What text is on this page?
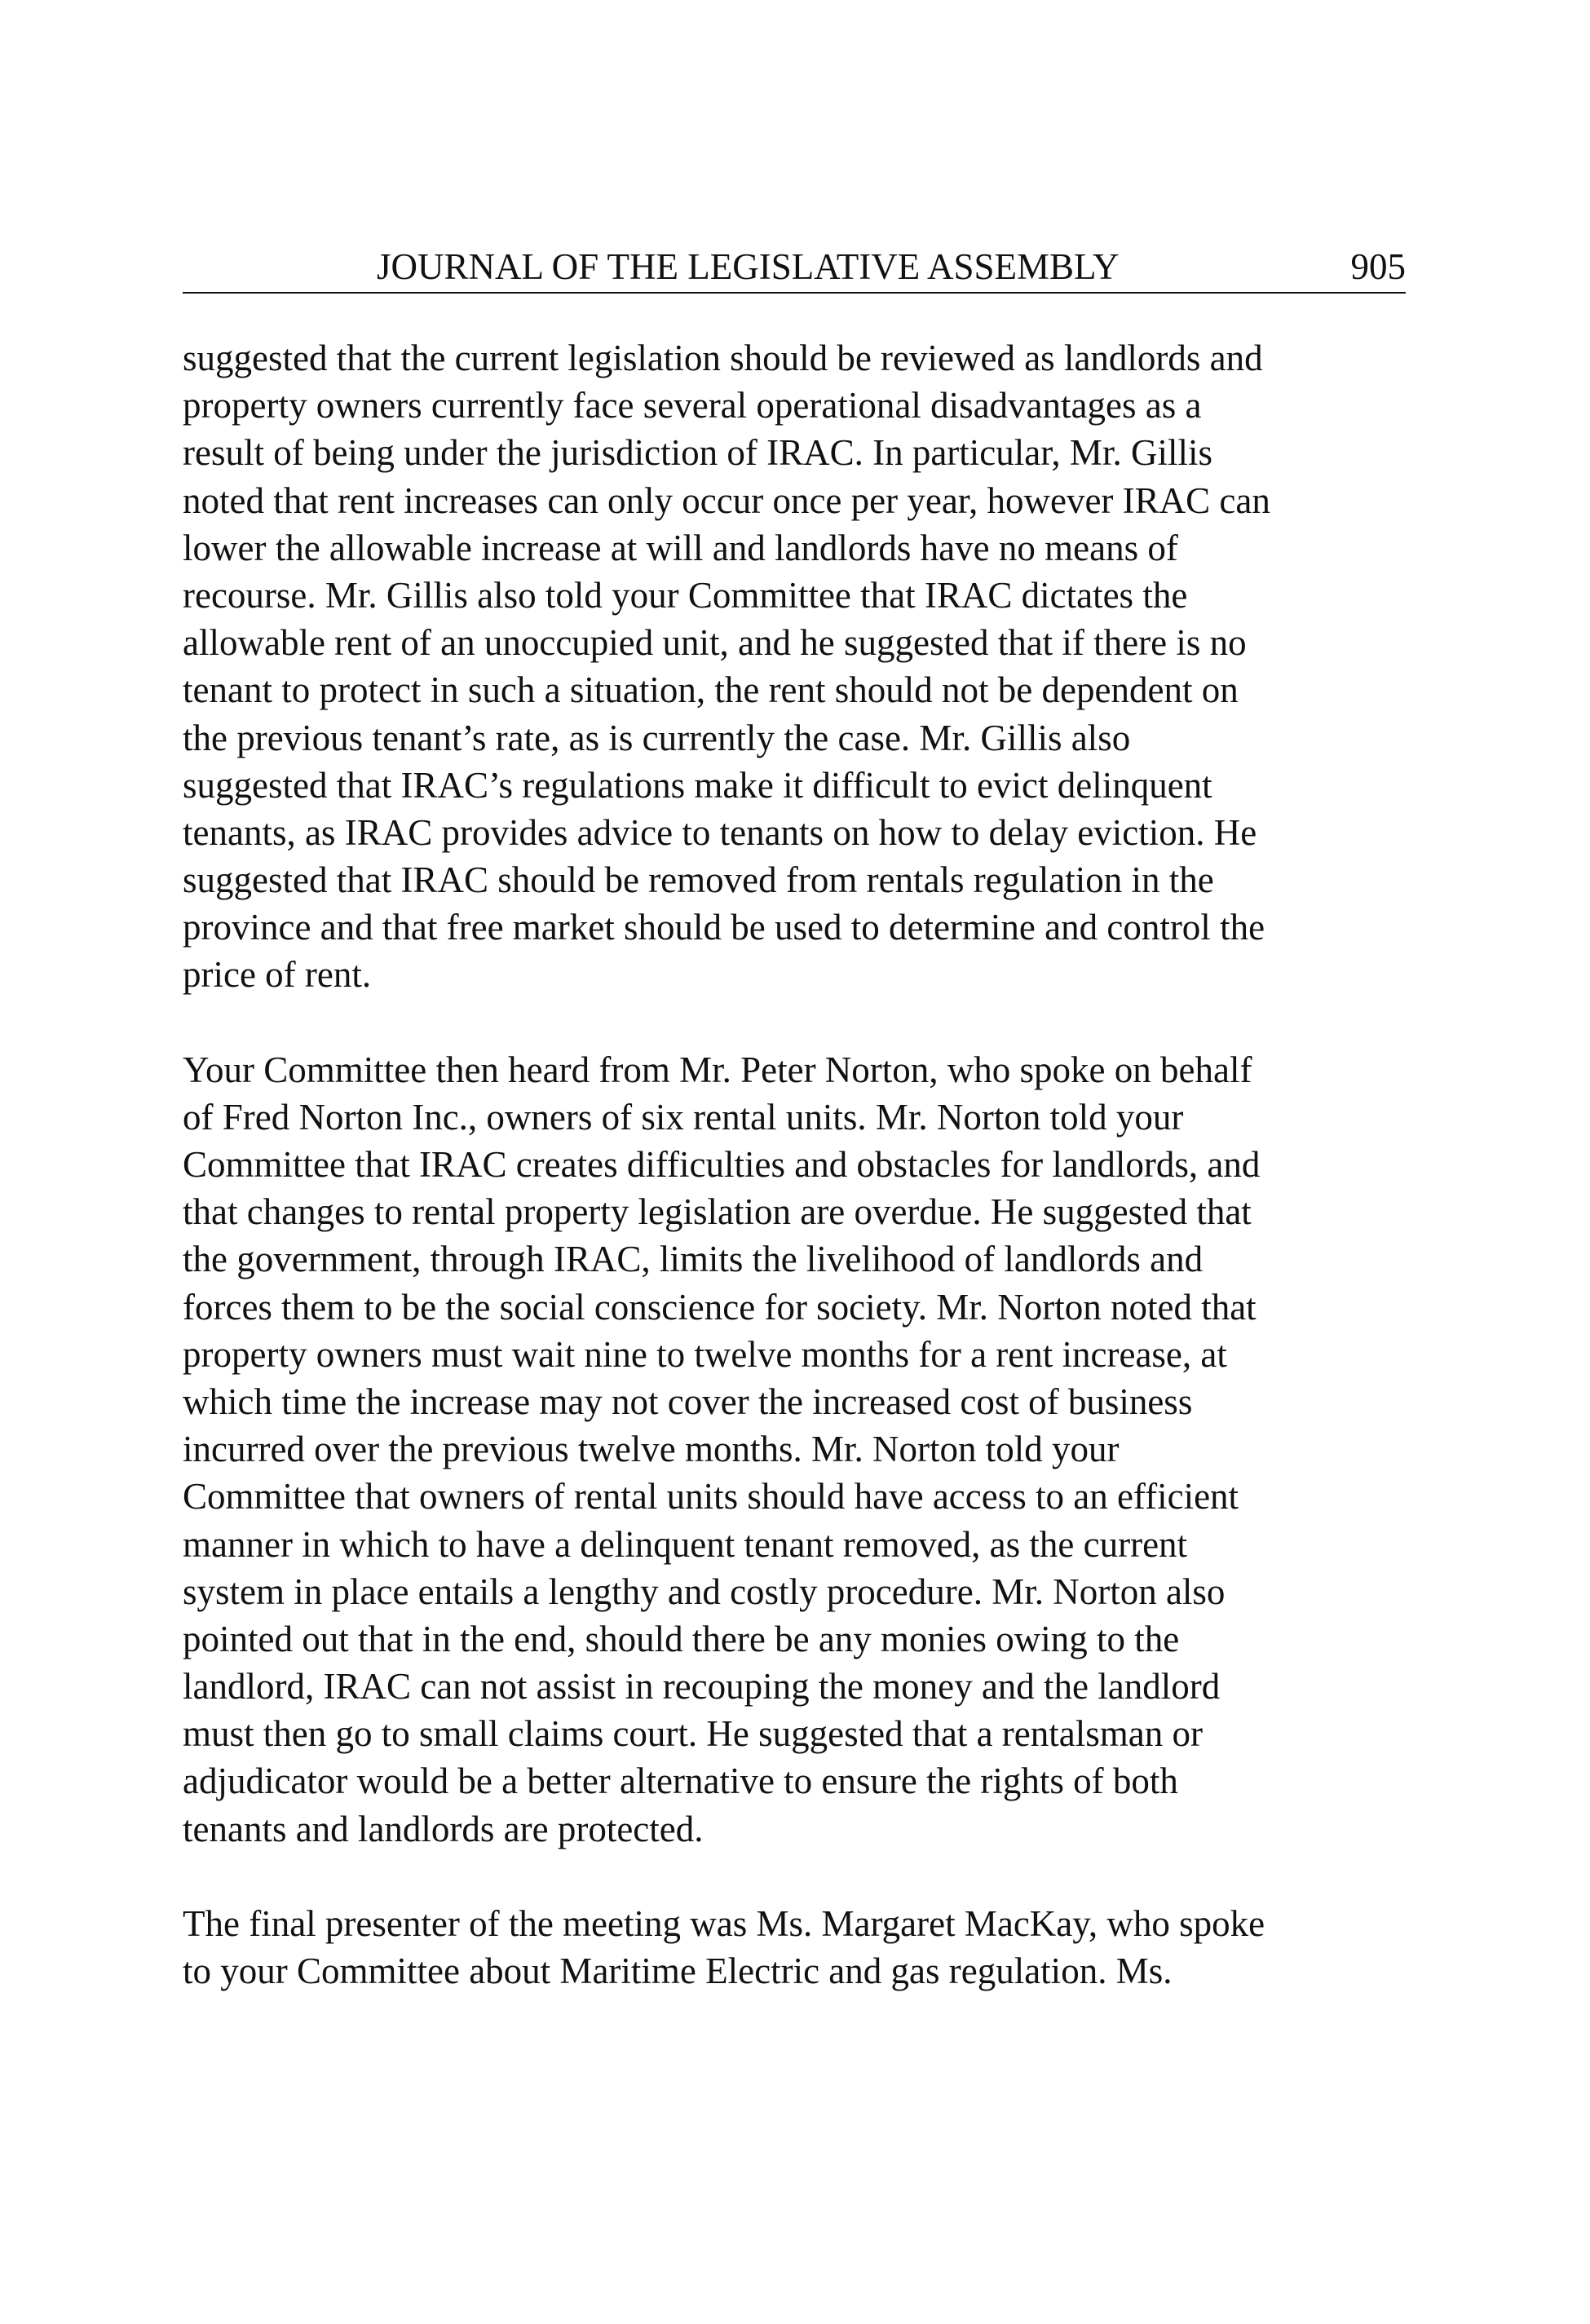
JOURNAL OF THE LEGISLATIVE ASSEMBLY	905
suggested that the current legislation should be reviewed as landlords and
property owners currently face several operational disadvantages as a
result of being under the jurisdiction of IRAC. In particular, Mr. Gillis
noted that rent increases can only occur once per year, however IRAC can
lower the allowable increase at will and landlords have no means of
recourse. Mr. Gillis also told your Committee that IRAC dictates the
allowable rent of an unoccupied unit, and he suggested that if there is no
tenant to protect in such a situation, the rent should not be dependent on
the previous tenant’s rate, as is currently the case. Mr. Gillis also
suggested that IRAC’s regulations make it difficult to evict delinquent
tenants, as IRAC provides advice to tenants on how to delay eviction. He
suggested that IRAC should be removed from rentals regulation in the
province and that free market should be used to determine and control the
price of rent.
Your Committee then heard from Mr. Peter Norton, who spoke on behalf
of Fred Norton Inc., owners of six rental units. Mr. Norton told your
Committee that IRAC creates difficulties and obstacles for landlords, and
that changes to rental property legislation are overdue. He suggested that
the government, through IRAC, limits the livelihood of landlords and
forces them to be the social conscience for society. Mr. Norton noted that
property owners must wait nine to twelve months for a rent increase, at
which time the increase may not cover the increased cost of business
incurred over the previous twelve months. Mr. Norton told your
Committee that owners of rental units should have access to an efficient
manner in which to have a delinquent tenant removed, as the current
system in place entails a lengthy and costly procedure. Mr. Norton also
pointed out that in the end, should there be any monies owing to the
landlord, IRAC can not assist in recouping the money and the landlord
must then go to small claims court. He suggested that a rentalsman or
adjudicator would be a better alternative to ensure the rights of both
tenants and landlords are protected.
The final presenter of the meeting was Ms. Margaret MacKay, who spoke
to your Committee about Maritime Electric and gas regulation. Ms.
